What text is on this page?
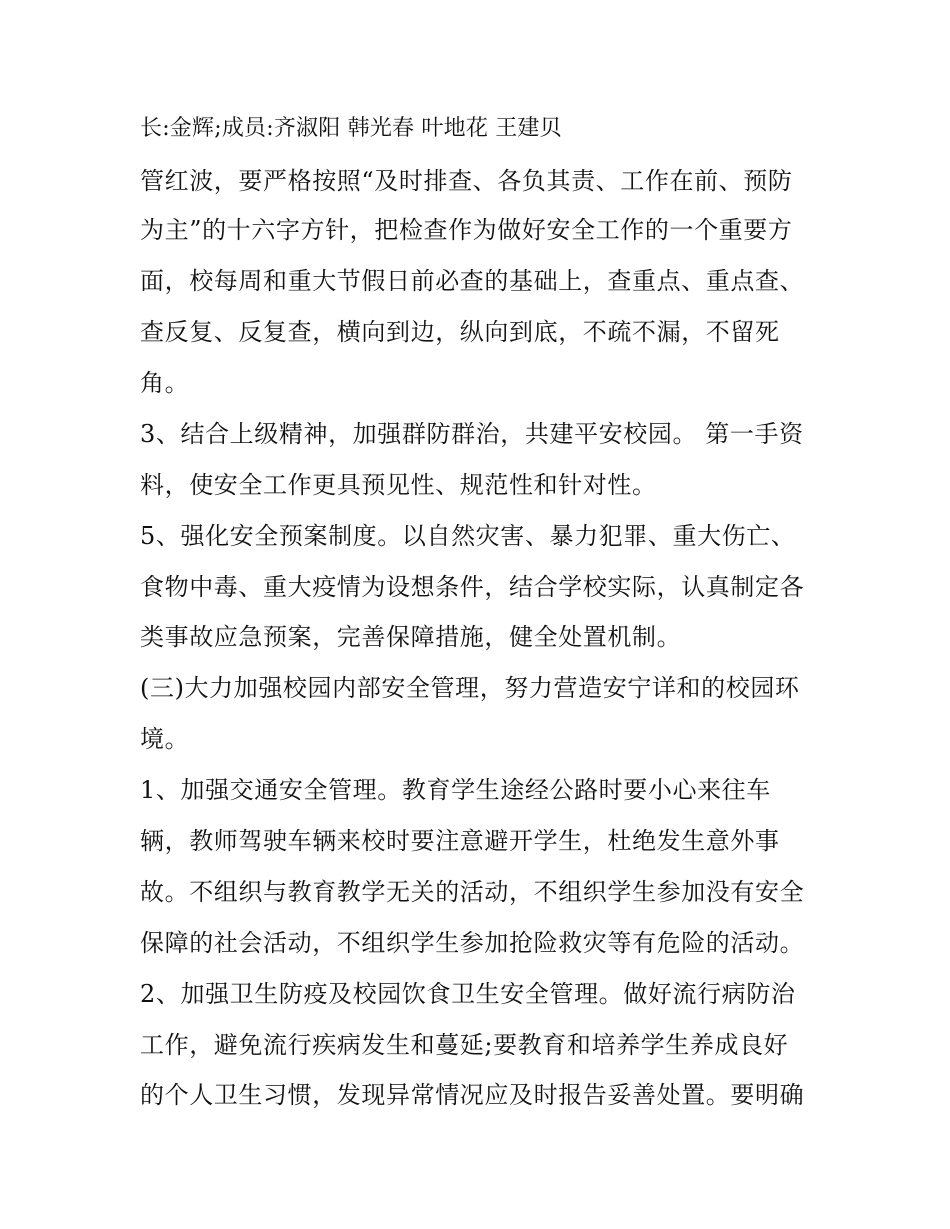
长:金辉;成员:齐淑阳 韩光春 叶地花 王建贝
管红波，要严格按照“及时排查、各负其责、工作在前、预防
为主”的十六字方针，把检查作为做好安全工作的一个重要方
面，校每周和重大节假日前必查的基础上，查重点、重点查、
查反复、反复查，横向到边，纵向到底，不疏不漏，不留死
角。
3、结合上级精神，加强群防群治，共建平安校园。 第一手资
料，使安全工作更具预见性、规范性和针对性。
5、强化安全预案制度。以自然灾害、暴力犯罪、重大伤亡、
食物中毒、重大疫情为设想条件，结合学校实际，认真制定各
类事故应急预案，完善保障措施，健全处置机制。
(三)大力加强校园内部安全管理，努力营造安宁详和的校园环
境。
1、加强交通安全管理。教育学生途经公路时要小心来往车
辆，教师驾驶车辆来校时要注意避开学生，杜绝发生意外事
故。不组织与教育教学无关的活动，不组织学生参加没有安全
保障的社会活动，不组织学生参加抢险救灾等有危险的活动。
2、加强卫生防疫及校园饮食卫生安全管理。做好流行病防治
工作，避免流行疾病发生和蔓延;要教育和培养学生养成良好
的个人卫生习惯，发现异常情况应及时报告妥善处置。要明确
